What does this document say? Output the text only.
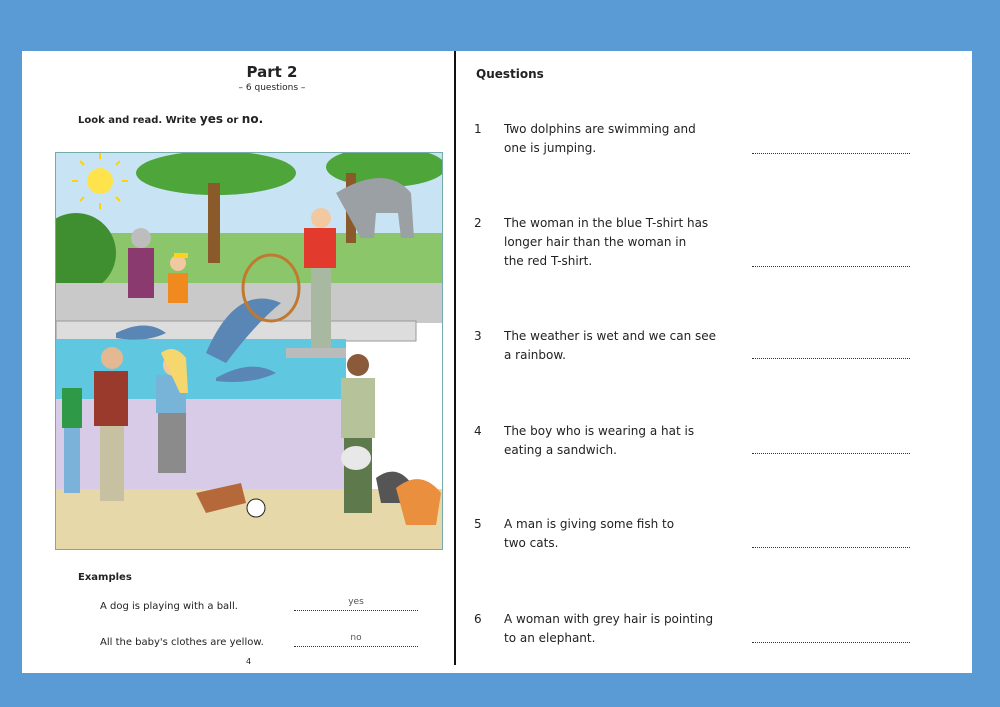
Part 2
– 6 questions –
Look and read. Write yes or no.
Examples
A dog is playing with a ball.	yes
All the baby's clothes are yellow.	no
4
Questions
1	Two dolphins are swimming and
one is jumping.
2	The woman in the blue T-shirt has
longer hair than the woman in
the red T-shirt.
3	The weather is wet and we can see
a rainbow.
4	The boy who is wearing a hat is
eating a sandwich.
5	A man is giving some fish to
two cats.
6	A woman with grey hair is pointing
to an elephant.
